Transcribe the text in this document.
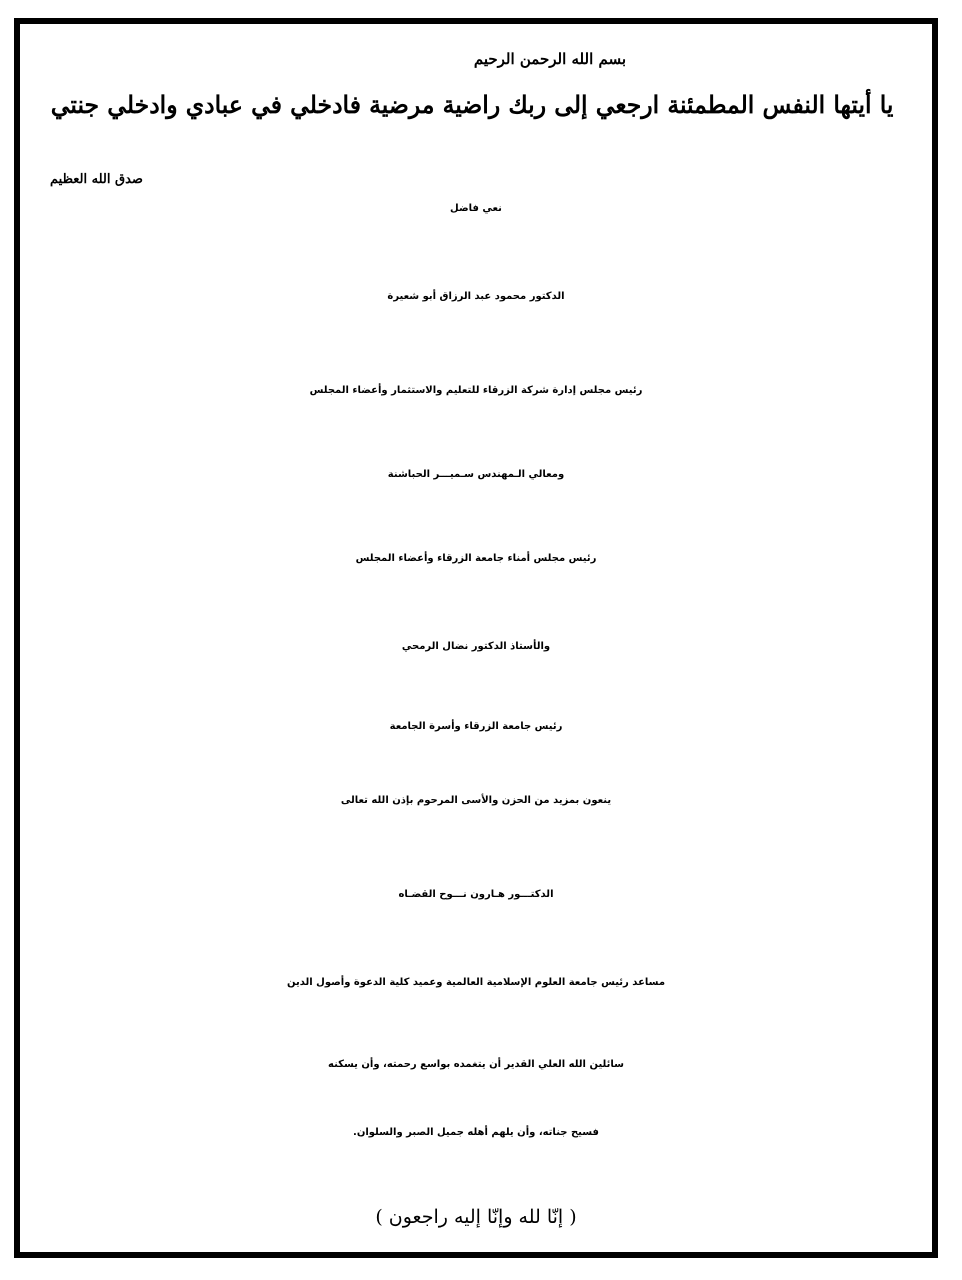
بسم الله الرحمن الرحيم
يا أيتها النفس المطمئنة ارجعي إلى ربك راضية مرضية فادخلي في عبادي وادخلي جنتي
صدق الله العظيم
نعي فاضل
الدكتور محمود عبد الرزاق أبو شعيرة
رئيس مجلس إدارة شركة الزرقاء للتعليم والاستثمار وأعضاء المجلس
ومعالي الـمهندس سـميـــر الحباشنة
رئيس مجلس أمناء جامعة الزرقاء وأعضاء المجلس
والأستاذ الدكتور نضال الرمحي
رئيس جامعة الزرقاء وأسرة الجامعة
ينعون بمزيد من الحزن والأسى المرحوم بإذن الله تعالى
الدكتـــور هـارون نـــوح القضـاه
مساعد رئيس جامعة العلوم الإسلامية العالمية وعميد كلية الدعوة وأصول الدين
سائلين الله العلي القدير أن يتغمده بواسع رحمته، وأن يسكنه
فسيح جناته، وأن يلهم أهله جميل الصبر والسلوان.
( إنّا لله وإنّا إليه راجعون )
